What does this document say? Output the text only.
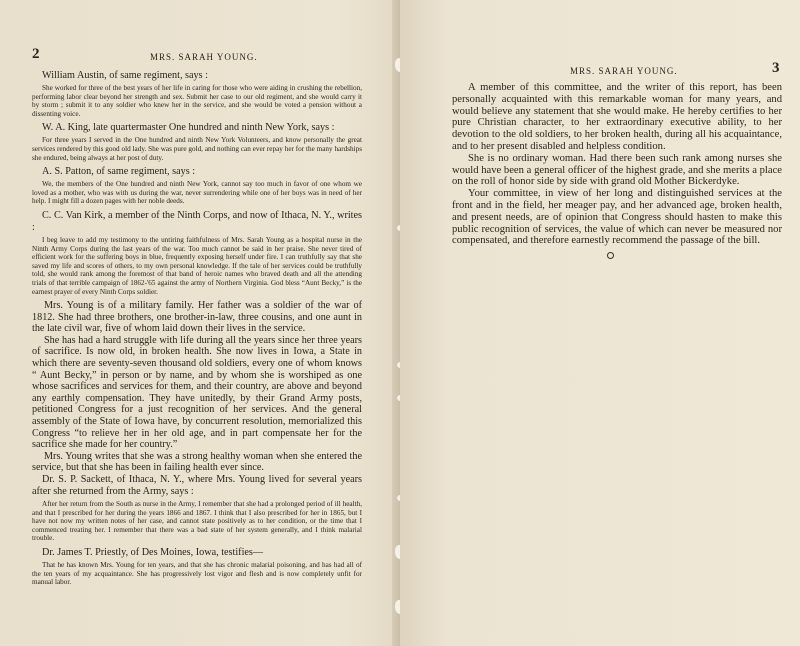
2	MRS. SARAH YOUNG.

William Austin, of same regiment, says :

She worked for three of the best years of her life in caring for those who were aiding in crushing the rebellion, performing labor clear beyond her strength and sex. Submit her case to our old regiment, and she would carry it by storm ; submit it to any soldier who knew her in the service, and she would be voted a pension without a dissenting voice.

W. A. King, late quartermaster One hundred and ninth New York, says :

For three years I served in the One hundred and ninth New York Volunteers, and know personally the great services rendered by this good old lady. She was pure gold, and nothing can ever repay her for the many hardships she endured, being always at her post of duty.

A. S. Patton, of same regiment, says :

We, the members of the One hundred and ninth New York, cannot say too much in favor of one whom we loved as a mother, who was with us during the war, never surrendering while one of her boys was in need of her help. I might fill a dozen pages with her noble deeds.

C. C. Van Kirk, a member of the Ninth Corps, and now of Ithaca, N. Y., writes :

I beg leave to add my testimony to the untiring faithfulness of Mrs. Sarah Young as a hospital nurse in the Ninth Army Corps during the last years of the war. Too much cannot be said in her praise. She never tired of efficient work for the suffering boys in blue, frequently exposing herself under fire. I can truthfully say that she saved my life and scores of others, to my own personal knowledge. If the tale of her services could be truthfully told, she would rank among the foremost of that band of heroic names who braved death and all the attending trials of that terrible campaign of 1862-'65 against the army of Northern Virginia. God bless “Aunt Becky,” is the earnest prayer of every Ninth Corps soldier.

Mrs. Young is of a military family. Her father was a soldier of the war of 1812. She had three brothers, one brother-in-law, three cousins, and one aunt in the late civil war, five of whom laid down their lives in the service.

She has had a hard struggle with life during all the years since her three years of sacrifice. Is now old, in broken health. She now lives in Iowa, a State in which there are seventy-seven thousand old soldiers, every one of whom knows “ Aunt Becky,” in person or by name, and by whom she is worshiped as one whose sacrifices and services for them, and their country, are above and beyond any earthly compensation. They have unitedly, by their Grand Army posts, petitioned Congress for a just recognition of her services. And the general assembly of the State of Iowa have, by concurrent resolution, memorialized this Congress “to relieve her in her old age, and in part compensate her for the sacrifice she made for her country.”

Mrs. Young writes that she was a strong healthy woman when she entered the service, but that she has been in failing health ever since.

Dr. S. P. Sackett, of Ithaca, N. Y., where Mrs. Young lived for several years after she returned from the Army, says :

After her return from the South as nurse in the Army, I remember that she had a prolonged period of ill health, and that I prescribed for her during the years 1866 and 1867. I think that I also prescribed for her in 1865, but I have not now my written notes of her case, and cannot state positively as to her condition, or the time that I commenced treating her. I remember that there was a bad state of her system generally, and I think malarial trouble.

Dr. James T. Priestly, of Des Moines, Iowa, testifies—

That he has known Mrs. Young for ten years, and that she has chronic malarial poisoning, and has had all of the ten years of my acquaintance. She has progressively lost vigor and flesh and is now completely unfit for manual labor.

MRS. SARAH YOUNG.	3

A member of this committee, and the writer of this report, has been personally acquainted with this remarkable woman for many years, and would believe any statement that she would make. He hereby certifies to her pure Christian character, to her extraordinary executive ability, to her devotion to the old soldiers, to her broken health, during all his acquaintance, and to her present disabled and helpless condition.

She is no ordinary woman. Had there been such rank among nurses she would have been a general officer of the highest grade, and she merits a place on the roll of honor side by side with grand old Mother Bickerdyke.

Your committee, in view of her long and distinguished services at the front and in the field, her meager pay, and her advanced age, broken health, and present needs, are of opinion that Congress should hasten to make this public recognition of services, the value of which can never be measured nor compensated, and therefore earnestly recommend the passage of the bill.
